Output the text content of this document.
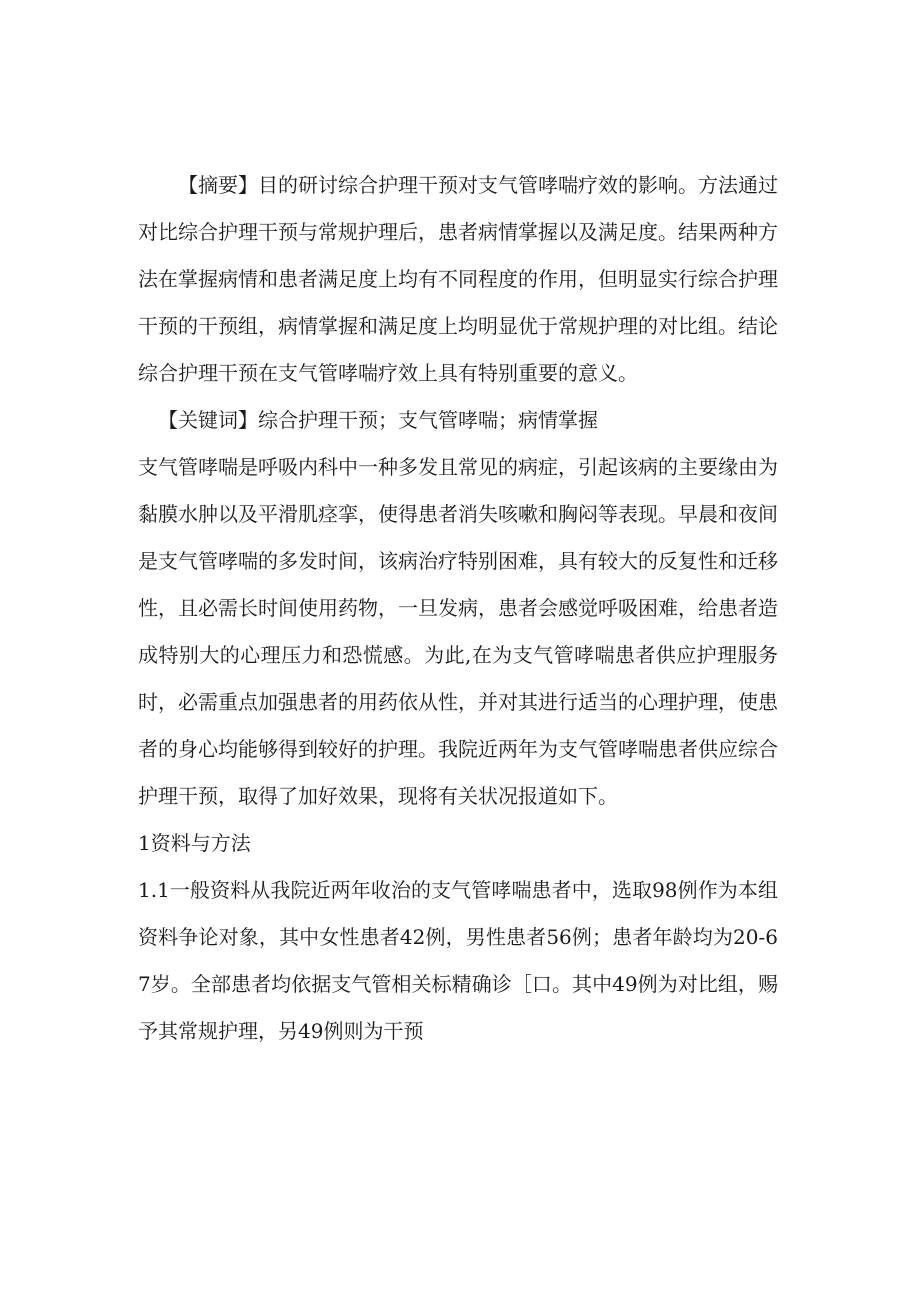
【摘要】目的研讨综合护理干预对支气管哮喘疗效的影响。方法通过对比综合护理干预与常规护理后，患者病情掌握以及满足度。结果两种方法在掌握病情和患者满足度上均有不同程度的作用，但明显实行综合护理干预的干预组，病情掌握和满足度上均明显优于常规护理的对比组。结论综合护理干预在支气管哮喘疗效上具有特别重要的意义。

【关键词】综合护理干预；支气管哮喘；病情掌握

支气管哮喘是呼吸内科中一种多发且常见的病症，引起该病的主要缘由为黏膜水肿以及平滑肌痉挛，使得患者消失咳嗽和胸闷等表现。早晨和夜间是支气管哮喘的多发时间，该病治疗特别困难，具有较大的反复性和迁移性，且必需长时间使用药物，一旦发病，患者会感觉呼吸困难，给患者造成特别大的心理压力和恐慌感。为此,在为支气管哮喘患者供应护理服务时，必需重点加强患者的用药依从性，并对其进行适当的心理护理，使患者的身心均能够得到较好的护理。我院近两年为支气管哮喘患者供应综合护理干预，取得了加好效果，现将有关状况报道如下。

1资料与方法

1.1一般资料从我院近两年收治的支气管哮喘患者中，选取98例作为本组资料争论对象，其中女性患者42例，男性患者56例；患者年龄均为20-67岁。全部患者均依据支气管相关标精确诊［口。其中49例为对比组，赐予其常规护理，另49例则为干预
